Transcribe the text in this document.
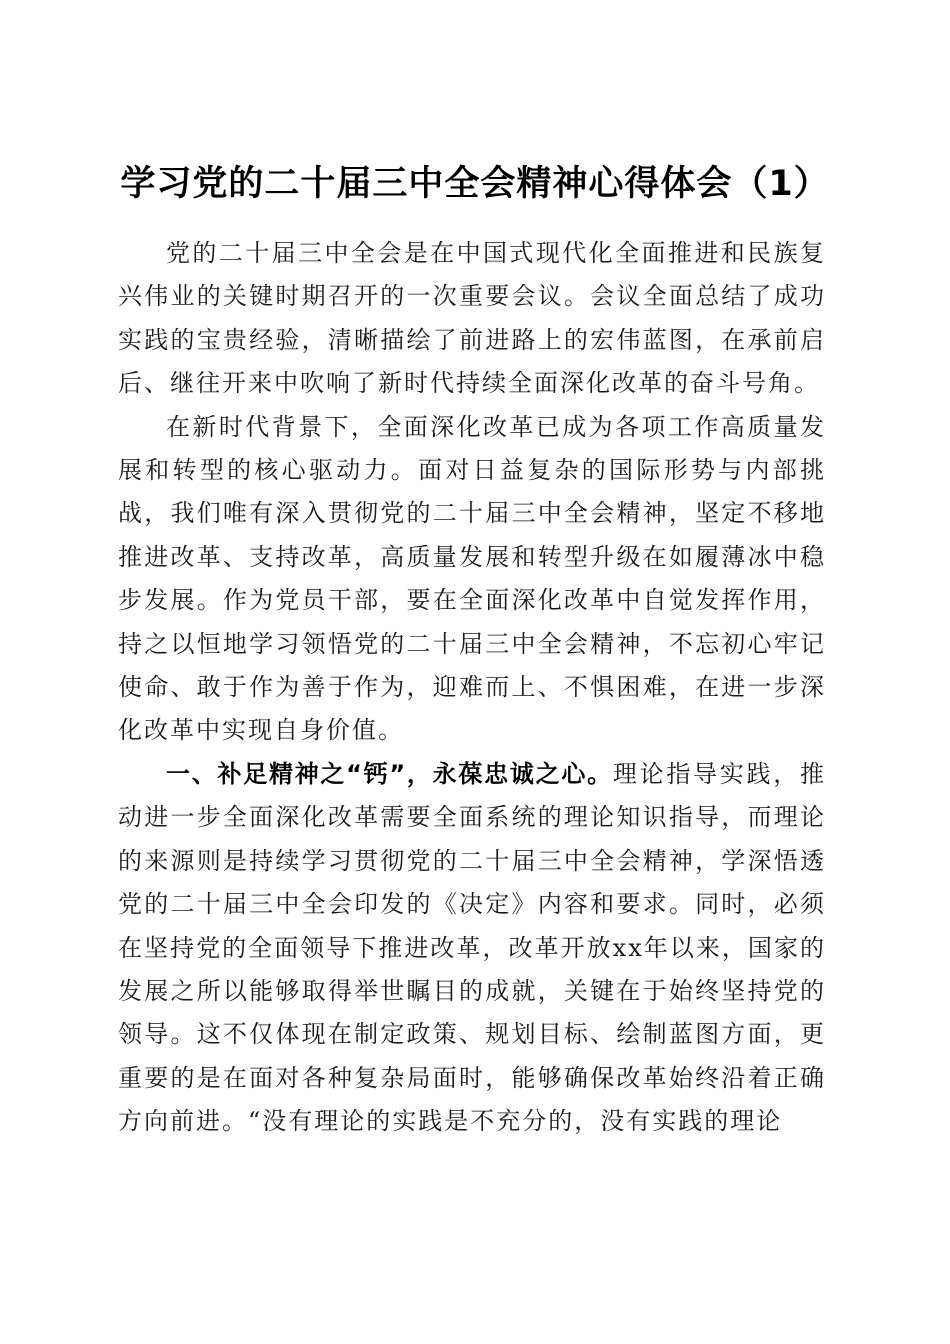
学习党的二十届三中全会精神心得体会（1）

党的二十届三中全会是在中国式现代化全面推进和民族复兴伟业的关键时期召开的一次重要会议。会议全面总结了成功实践的宝贵经验，清晰描绘了前进路上的宏伟蓝图，在承前启后、继往开来中吹响了新时代持续全面深化改革的奋斗号角。

在新时代背景下，全面深化改革已成为各项工作高质量发展和转型的核心驱动力。面对日益复杂的国际形势与内部挑战，我们唯有深入贯彻党的二十届三中全会精神，坚定不移地推进改革、支持改革，高质量发展和转型升级在如履薄冰中稳步发展。作为党员干部，要在全面深化改革中自觉发挥作用，持之以恒地学习领悟党的二十届三中全会精神，不忘初心牢记使命、敢于作为善于作为，迎难而上、不惧困难，在进一步深化改革中实现自身价值。

一、补足精神之“钙”，永葆忠诚之心。理论指导实践，推动进一步全面深化改革需要全面系统的理论知识指导，而理论的来源则是持续学习贯彻党的二十届三中全会精神，学深悟透党的二十届三中全会印发的《决定》内容和要求。同时，必须在坚持党的全面领导下推进改革，改革开放xx年以来，国家的发展之所以能够取得举世瞩目的成就，关键在于始终坚持党的领导。这不仅体现在制定政策、规划目标、绘制蓝图方面，更重要的是在面对各种复杂局面时，能够确保改革始终沿着正确方向前进。“没有理论的实践是不充分的，没有实践的理论
